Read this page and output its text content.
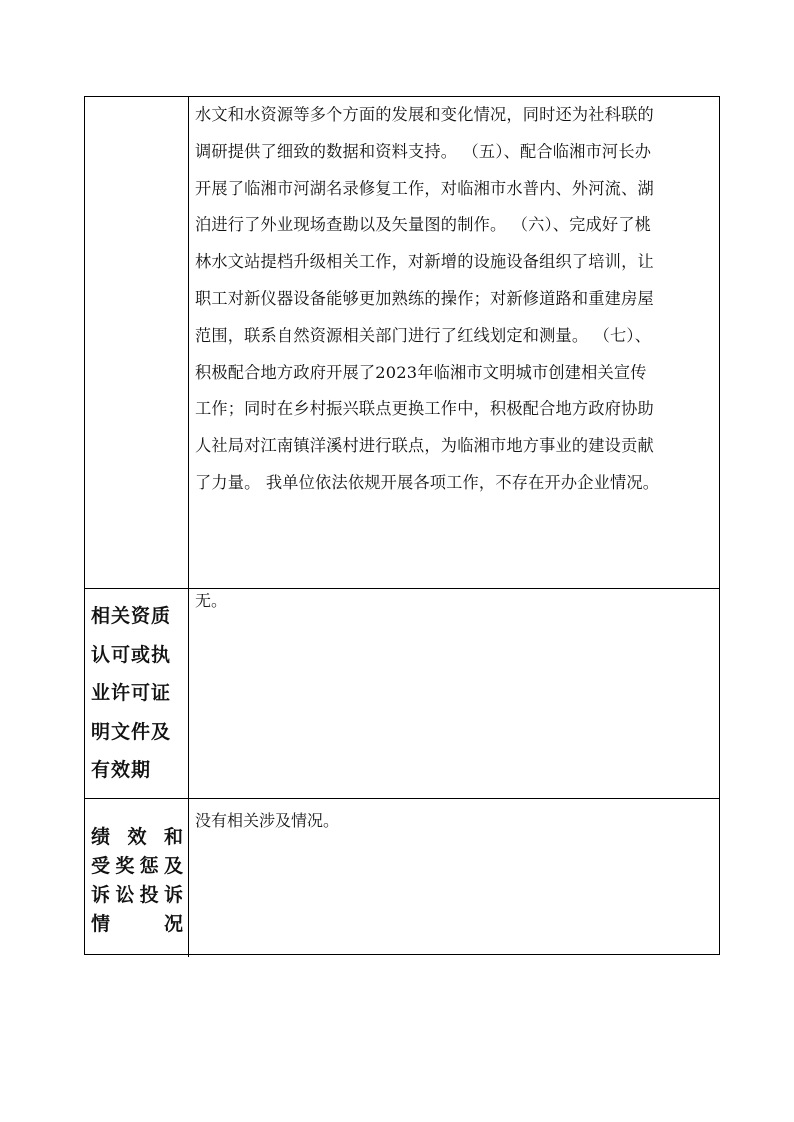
水文和水资源等多个方面的发展和变化情况，同时还为社科联的
调研提供了细致的数据和资料支持。 （五）、配合临湘市河长办
开展了临湘市河湖名录修复工作，对临湘市水普内、外河流、湖
泊进行了外业现场查勘以及矢量图的制作。 （六）、完成好了桃
林水文站提档升级相关工作，对新增的设施设备组织了培训，让
职工对新仪器设备能够更加熟练的操作；对新修道路和重建房屋
范围，联系自然资源相关部门进行了红线划定和测量。 （七）、
积极配合地方政府开展了2023年临湘市文明城市创建相关宣传
工作；同时在乡村振兴联点更换工作中，积极配合地方政府协助
人社局对江南镇洋溪村进行联点，为临湘市地方事业的建设贡献
了力量。 我单位依法依规开展各项工作，不存在开办企业情况。
相关资质
认可或执
业许可证
明文件及
有效期
无。
绩 效 和
受 奖 惩 及
诉 讼 投 诉
情	况
没有相关涉及情况。
